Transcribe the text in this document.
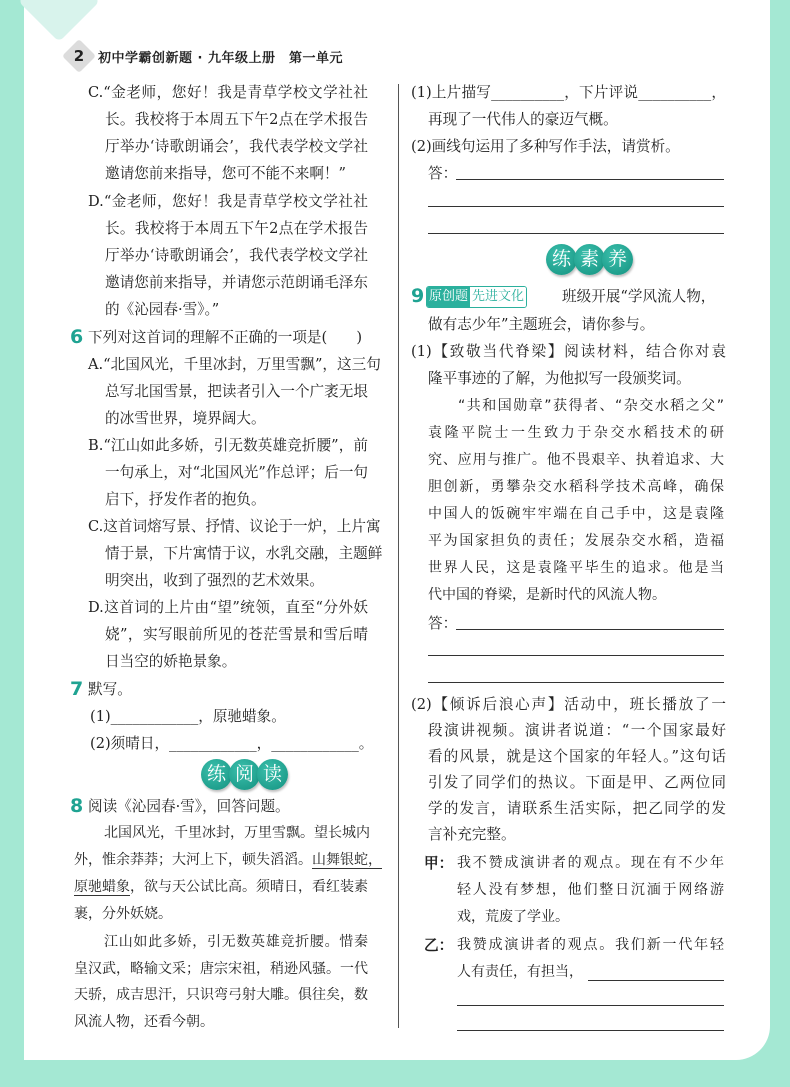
2	初中学霸创新题 · 九年级上册　第一单元
C.“金老师，您好！我是青草学校文学社社
长。我校将于本周五下午2点在学术报告
厅举办‘诗歌朗诵会’，我代表学校文学社
邀请您前来指导，您可不能不来啊！”
D.“金老师，您好！我是青草学校文学社社
长。我校将于本周五下午2点在学术报告
厅举办‘诗歌朗诵会’，我代表学校文学社
邀请您前来指导，并请您示范朗诵毛泽东
的《沁园春·雪》。”
6 下列对这首词的理解不正确的一项是(　　)
A.“北国风光，千里冰封，万里雪飘”，这三句
总写北国雪景，把读者引入一个广袤无垠
的冰雪世界，境界阔大。
B.“江山如此多娇，引无数英雄竞折腰”，前
一句承上，对“北国风光”作总评；后一句
启下，抒发作者的抱负。
C.这首词熔写景、抒情、议论于一炉，上片寓
情于景，下片寓情于议，水乳交融，主题鲜
明突出，收到了强烈的艺术效果。
D.这首词的上片由“望”统领，直至“分外妖
娆”，实写眼前所见的苍茫雪景和雪后晴
日当空的娇艳景象。
7 默写。
(1)____________，原驰蜡象。
(2)须晴日，____________，____________。
练 阅 读
8 阅读《沁园春·雪》，回答问题。
北国风光，千里冰封，万里雪飘。望长城内
外，惟余莽莽；大河上下，顿失滔滔。山舞银蛇，
原驰蜡象，欲与天公试比高。须晴日，看红装素
裹，分外妖娆。
江山如此多娇，引无数英雄竞折腰。惜秦
皇汉武，略输文采；唐宗宋祖，稍逊风骚。一代
天骄，成吉思汗，只识弯弓射大雕。俱往矣，数
风流人物，还看今朝。
(1)上片描写__________，下片评说__________，
再现了一代伟人的豪迈气概。
(2)画线句运用了多种写作手法，请赏析。
答：
练 素 养
9 原创题 先进文化	班级开展“学风流人物，
做有志少年”主题班会，请你参与。
(1)【致敬当代脊梁】阅读材料，结合你对袁
隆平事迹的了解，为他拟写一段颁奖词。
“共和国勋章”获得者、“杂交水稻之父”
袁隆平院士一生致力于杂交水稻技术的研
究、应用与推广。他不畏艰辛、执着追求、大
胆创新，勇攀杂交水稻科学技术高峰，确保
中国人的饭碗牢牢端在自己手中，这是袁隆
平为国家担负的责任；发展杂交水稻，造福
世界人民，这是袁隆平毕生的追求。他是当
代中国的脊梁，是新时代的风流人物。
答：
(2)【倾诉后浪心声】活动中，班长播放了一
段演讲视频。演讲者说道：“一个国家最好
看的风景，就是这个国家的年轻人。”这句话
引发了同学们的热议。下面是甲、乙两位同
学的发言，请联系生活实际，把乙同学的发
言补充完整。
甲： 我不赞成演讲者的观点。现在有不少年
轻人没有梦想，他们整日沉湎于网络游
戏，荒废了学业。
乙： 我赞成演讲者的观点。我们新一代年轻
人有责任，有担当，
